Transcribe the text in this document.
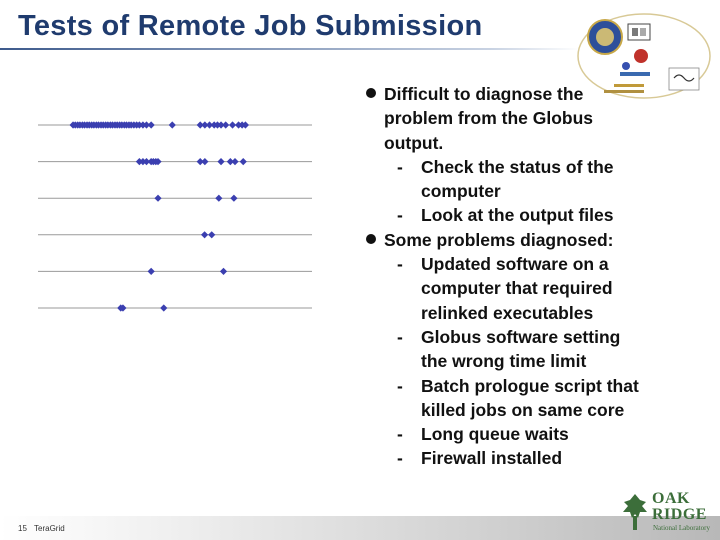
Tests of Remote Job Submission
Difficult to diagnose the
problem from the Globus
output.
- Check the status of the
computer
- Look at the output files
Some problems diagnosed:
- Updated software on a
computer that required
relinked executables
- Globus software setting
the wrong time limit
- Batch prologue script that
killed jobs on same core
- Long queue waits
- Firewall installed
15 TeraGrid
OAK
RIDGE
National Laboratory
